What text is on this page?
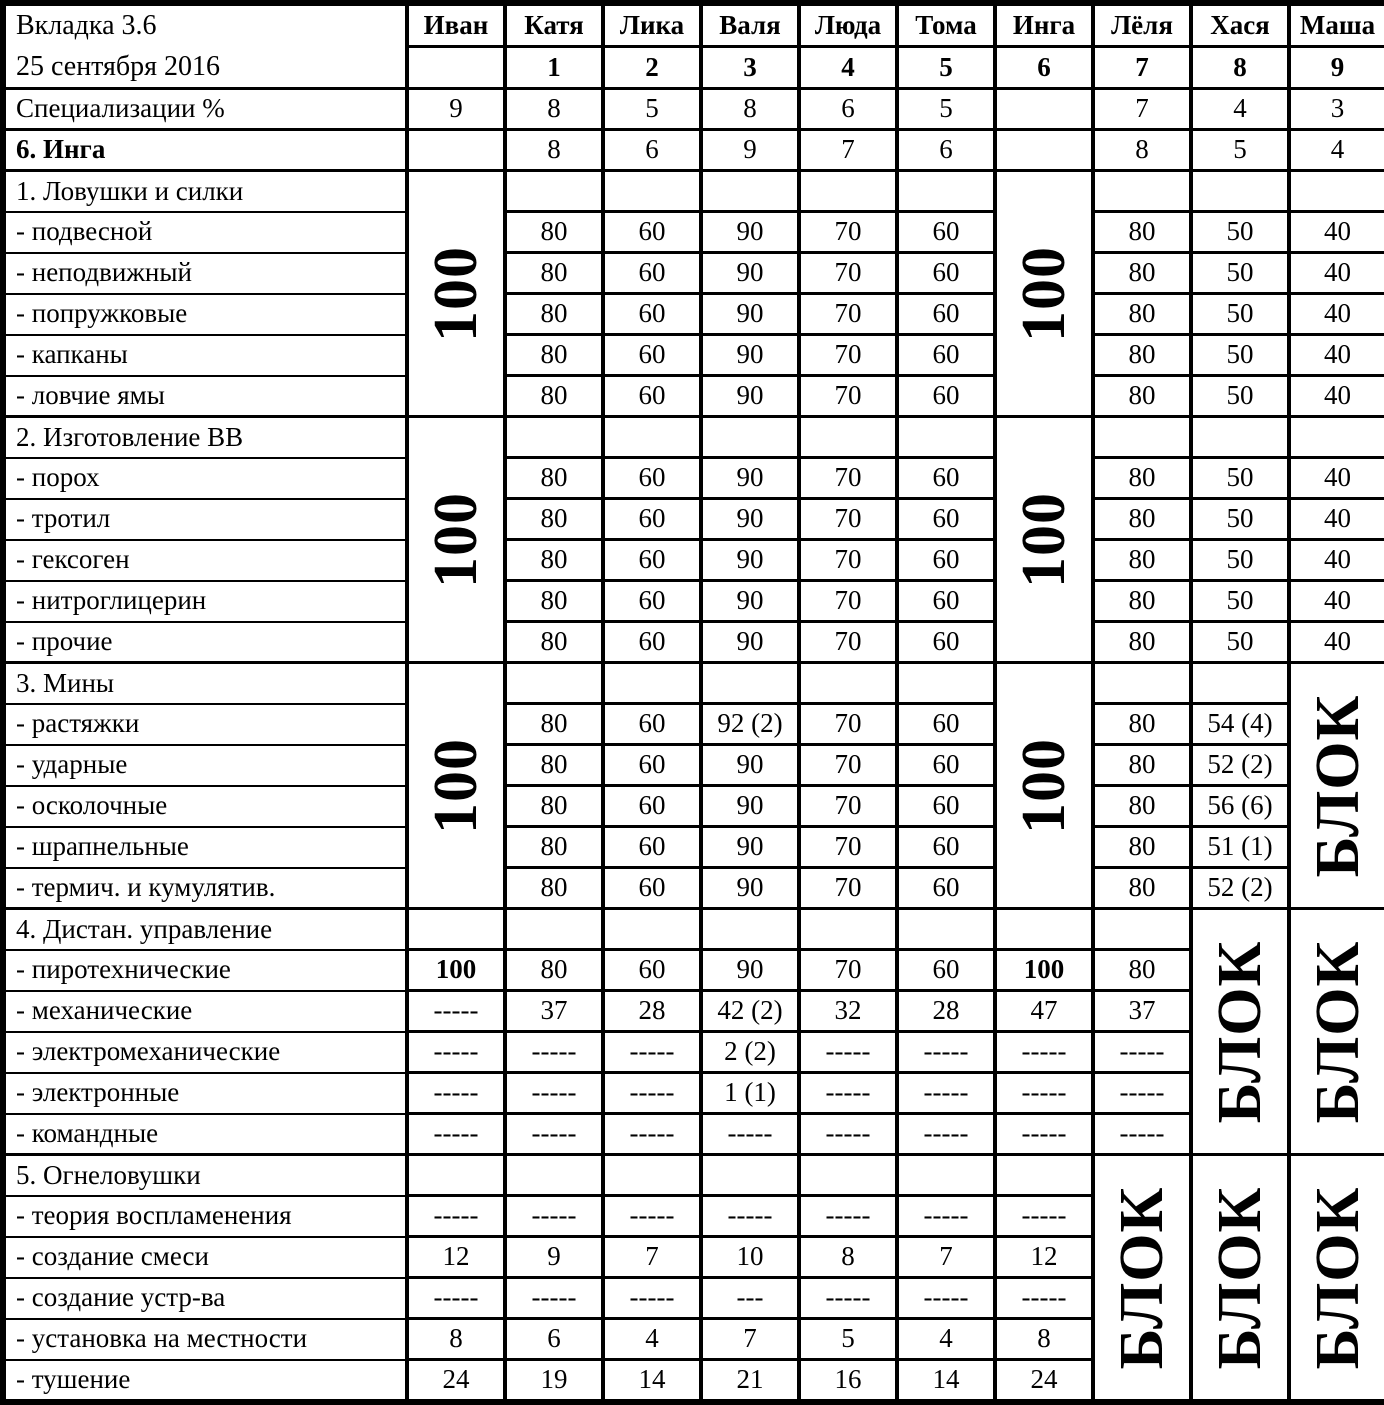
Вкладка 3.6
25 сентября 2016	Иван	Катя	Лика	Валя	Люда	Тома	Инга	Лёля	Хася	Маша
		1	2	3	4	5	6	7	8	9
Специализации %	9	8	5	8	6	5		7	4	3
6. Инга		8	6	9	7	6		8	5	4
1. Ловушки и силки	100						100			

- подвесной		80	60	90	70	60		80	50	40
- неподвижный		80	60	90	70	60		80	50	40
- попружковые		80	60	90	70	60		80	50	40
- капканы		80	60	90	70	60		80	50	40
- ловчие ямы		80	60	90	70	60		80	50	40
2. Изготовление ВВ	100						100			

- порох		80	60	90	70	60		80	50	40
- тротил		80	60	90	70	60		80	50	40
- гексоген		80	60	90	70	60		80	50	40
- нитроглицерин		80	60	90	70	60		80	50	40
- прочие		80	60	90	70	60		80	50	40
3. Мины	100						100			БЛОК

- растяжки		80	60	92 (2)	70	60		80	54 (4)	
- ударные		80	60	90	70	60		80	52 (2)	
- осколочные		80	60	90	70	60		80	56 (6)	
- шрапнельные		80	60	90	70	60		80	51 (1)	
- термич. и кумулятив.		80	60	90	70	60		80	52 (2)	
4. Дистан. управление									БЛОК	БЛОК

- пиротехнические	100	80	60	90	70	60	100	80		
- механические	-----	37	28	42 (2)	32	28	47	37		
- электромеханические	-----	-----	-----	2 (2)	-----	-----	-----	-----		
- электронные	-----	-----	-----	1 (1)	-----	-----	-----	-----		
- командные	-----	-----	-----	-----	-----	-----	-----	-----		
5. Огнеловушки								БЛОК	БЛОК	БЛОК

- теория воспламенения	-----	-----	-----	-----	-----	-----	-----			
- создание смеси	12	9	7	10	8	7	12			
- создание устр-ва	-----	-----	-----	---	-----	-----	-----			
- установка на местности	8	6	4	7	5	4	8			
- тушение	24	19	14	21	16	14	24			
